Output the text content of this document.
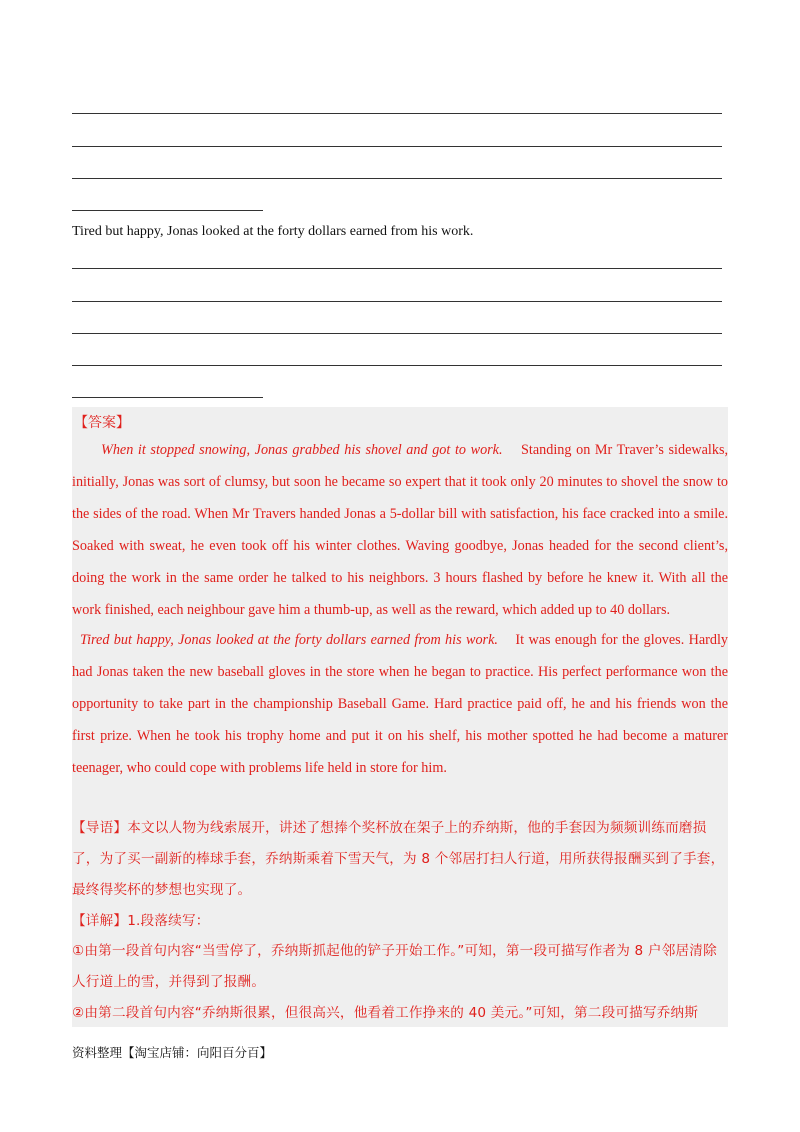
Tired but happy, Jonas looked at the forty dollars earned from his work.
【答案】
When it stopped snowing, Jonas grabbed his shovel and got to work. Standing on Mr Traver’s sidewalks, initially, Jonas was sort of clumsy, but soon he became so expert that it took only 20 minutes to shovel the snow to the sides of the road. When Mr Travers handed Jonas a 5-dollar bill with satisfaction, his face cracked into a smile. Soaked with sweat, he even took off his winter clothes. Waving goodbye, Jonas headed for the second client’s, doing the work in the same order he talked to his neighbors. 3 hours flashed by before he knew it. With all the work finished, each neighbour gave him a thumb-up, as well as the reward, which added up to 40 dollars.
Tired but happy, Jonas looked at the forty dollars earned from his work. It was enough for the gloves. Hardly had Jonas taken the new baseball gloves in the store when he began to practice. His perfect performance won the opportunity to take part in the championship Baseball Game. Hard practice paid off, he and his friends won the first prize. When he took his trophy home and put it on his shelf, his mother spotted he had become a maturer teenager, who could cope with problems life held in store for him.
【导语】本文以人物为线索展开，讲述了想捧个奖杯放在架子上的乔纳斯，他的手套因为频频训练而磨损了，为了买一副新的棒球手套，乔纳斯乘着下雪天气，为 8 个邻居打扫人行道，用所获得报酬买到了手套，最终得奖杯的梦想也实现了。
【详解】1.段落续写：
①由第一段首句内容“当雪停了，乔纳斯抓起他的铲子开始工作。”可知，第一段可描写作者为 8 户邻居清除人行道上的雪，并得到了报酬。
②由第二段首句内容“乔纳斯很累，但很高兴，他看着工作挣来的 40 美元。”可知，第二段可描写乔纳斯
资料整理【淘宝店铺：向阳百分百】
